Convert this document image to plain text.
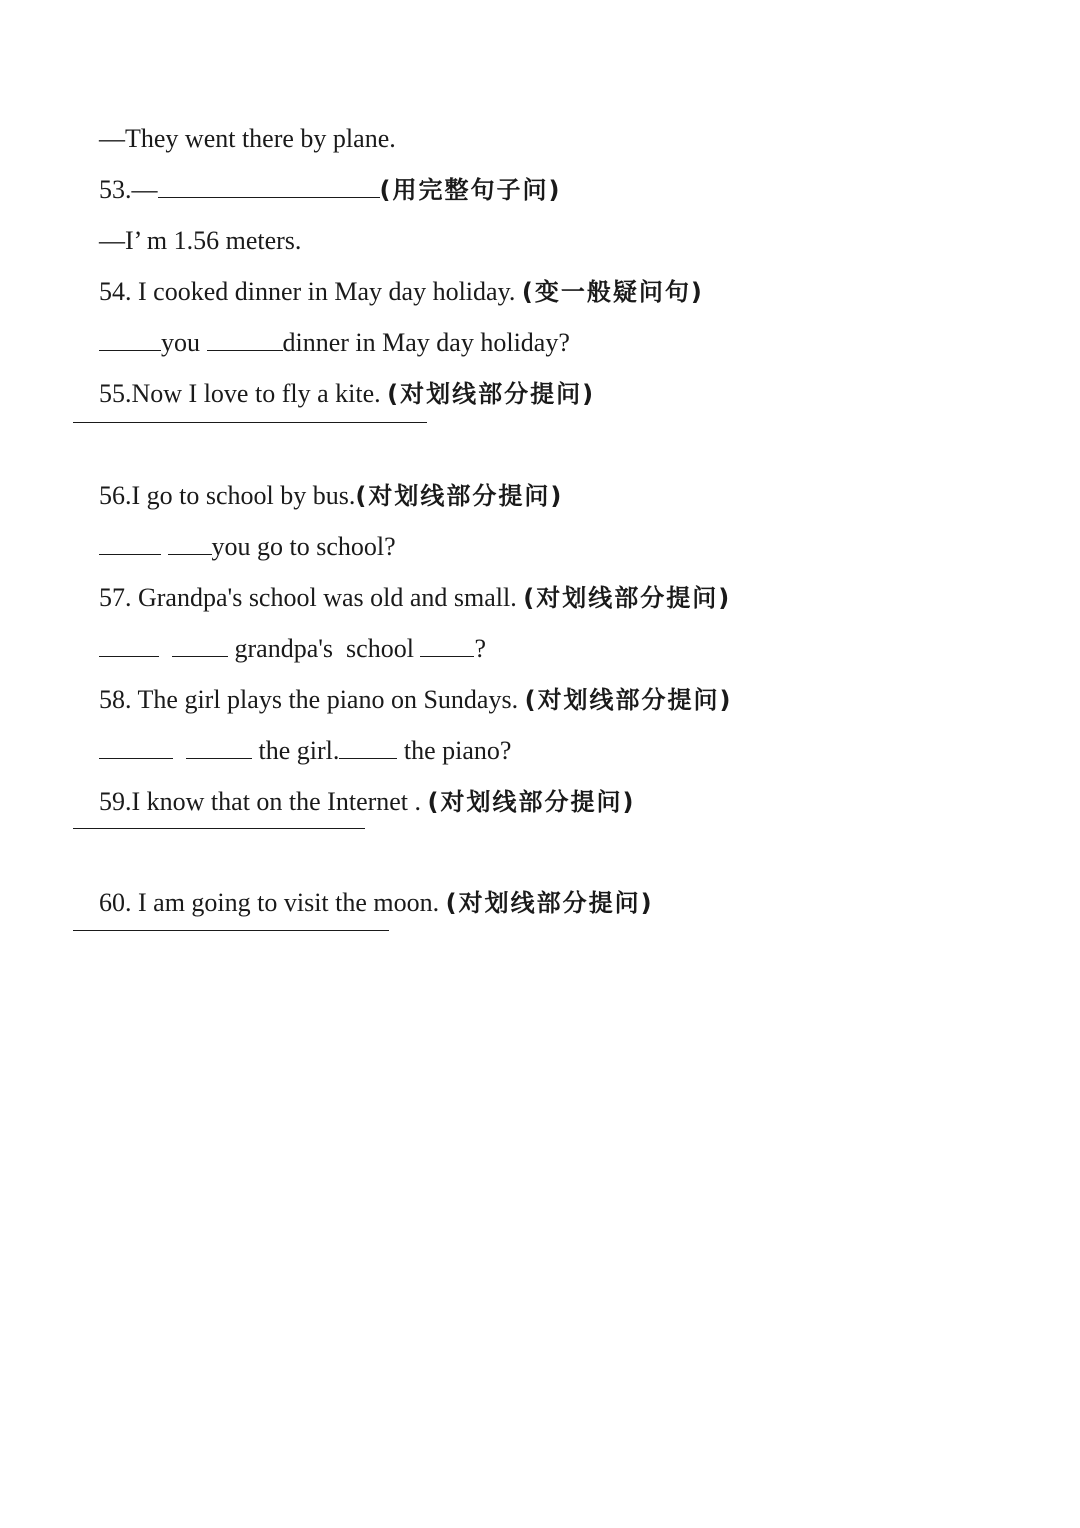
—They went there by plane.

53.—	(用完整句子问)

—I’ m 1.56 meters.

54. I cooked dinner in May day holiday. (变一般疑问句)

you	dinner in May day holiday?

55.Now I love to fly a kite. (对划线部分提问)

56.I go to school by bus.(对划线部分提问)

you go to school?

57. Grandpa's school was old and small. (对划线部分提问)

grandpa's  school ?

58. The girl plays the piano on Sundays. (对划线部分提问)

the girl. the piano?

59.I know that on the Internet . (对划线部分提问)

60. I am going to visit the moon. (对划线部分提问)
